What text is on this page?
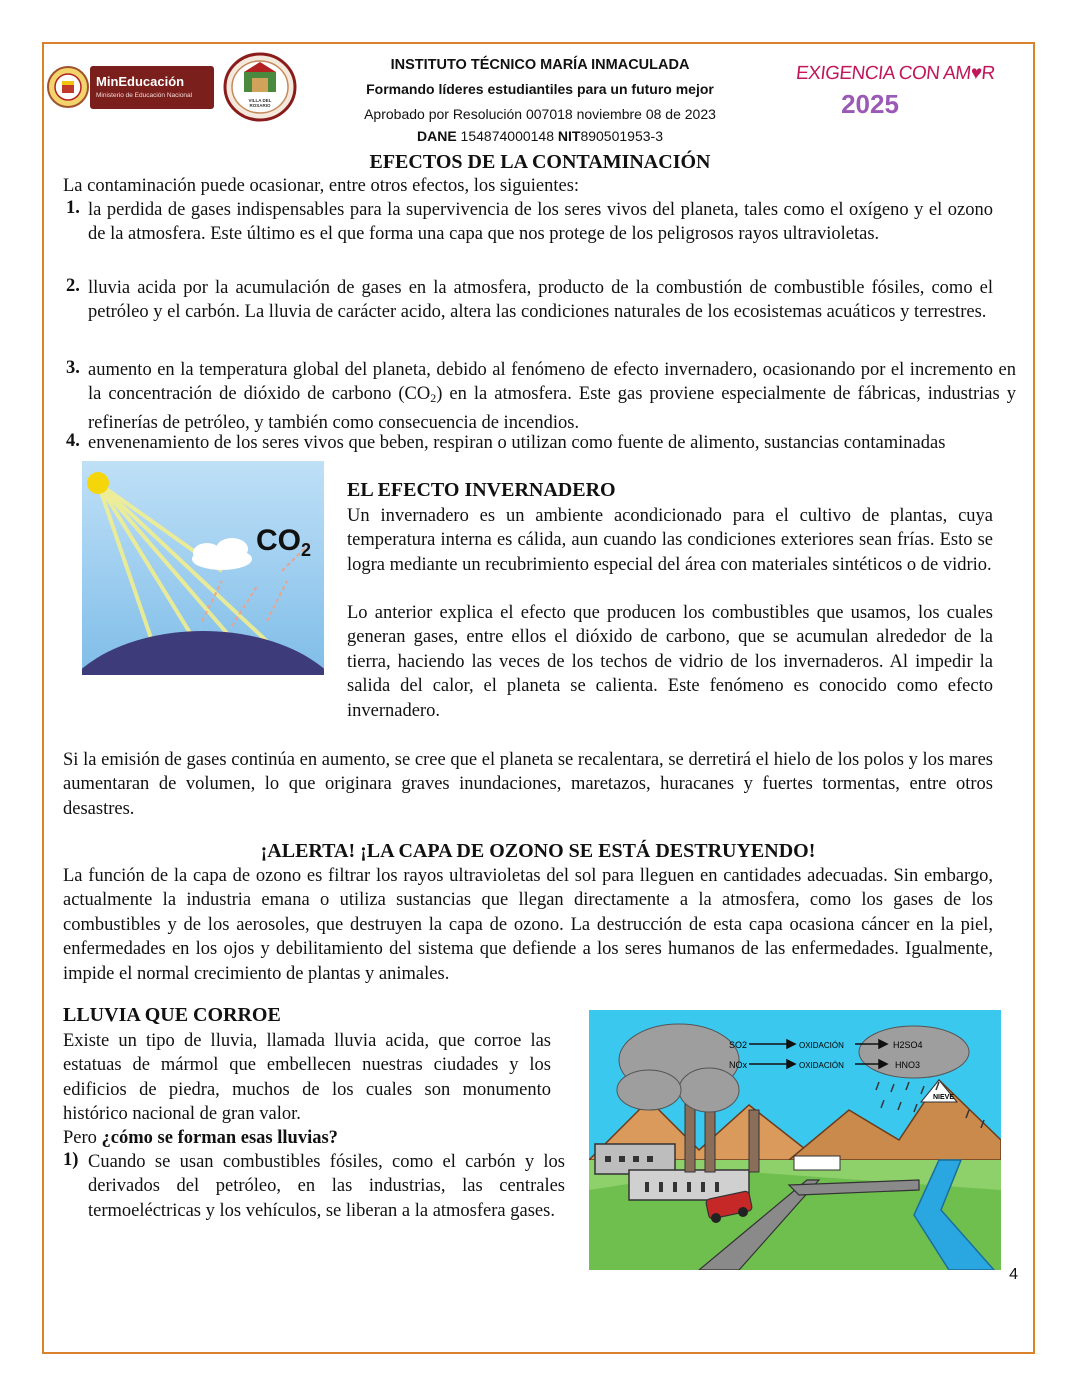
MinEducación
Ministerio de Educación Nacional
VILLA DEL ROSARIO
INSTITUTO TÉCNICO MARÍA INMACULADA
Formando líderes estudiantiles para un futuro mejor
Aprobado por Resolución 007018 noviembre 08 de 2023
DANE 154874000148 NIT890501953-3
EXIGENCIA CON AM♥R
2025
EFECTOS DE LA CONTAMINACIÓN
La contaminación puede ocasionar, entre otros efectos, los siguientes:
1. la perdida de gases indispensables para la supervivencia de los seres vivos del planeta, tales como el oxígeno y el ozono de la atmosfera. Este último es el que forma una capa que nos protege de los peligrosos rayos ultravioletas.
2. lluvia acida por la acumulación de gases en la atmosfera, producto de la combustión de combustible fósiles, como el petróleo y el carbón. La lluvia de carácter acido, altera las condiciones naturales de los ecosistemas acuáticos y terrestres.
3. aumento en la temperatura global del planeta, debido al fenómeno de efecto invernadero, ocasionando por el incremento en la concentración de dióxido de carbono $(CO_2)$ en la atmosfera. Este gas proviene especialmente de fábricas, industrias y refinerías de petróleo, y también como consecuencia de incendios.
4. envenenamiento de los seres vivos que beben, respiran o utilizan como fuente de alimento, sustancias contaminadas
$CO_2$
EL EFECTO INVERNADERO
Un invernadero es un ambiente acondicionado para el cultivo de plantas, cuya temperatura interna es cálida, aun cuando las condiciones exteriores sean frías. Esto se logra mediante un recubrimiento especial del área con materiales sintéticos o de vidrio.
Lo anterior explica el efecto que producen los combustibles que usamos, los cuales generan gases, entre ellos el dióxido de carbono, que se acumulan alrededor de la tierra, haciendo las veces de los techos de vidrio de los invernaderos. Al impedir la salida del calor, el planeta se calienta. Este fenómeno es conocido como efecto invernadero.
Si la emisión de gases continúa en aumento, se cree que el planeta se recalentara, se derretirá el hielo de los polos y los mares aumentaran de volumen, lo que originara graves inundaciones, maretazos, huracanes y fuertes tormentas, entre otros desastres.
¡ALERTA! ¡LA CAPA DE OZONO SE ESTÁ DESTRUYENDO!
La función de la capa de ozono es filtrar los rayos ultravioletas del sol para lleguen en cantidades adecuadas. Sin embargo, actualmente la industria emana o utiliza sustancias que llegan directamente a la atmosfera, como los gases de los combustibles y de los aerosoles, que destruyen la capa de ozono. La destrucción de esta capa ocasiona cáncer en la piel, enfermedades en los ojos y debilitamiento del sistema que defiende a los seres humanos de las enfermedades. Igualmente, impide el normal crecimiento de plantas y animales.
LLUVIA QUE CORROE
Existe un tipo de lluvia, llamada lluvia acida, que corroe las estatuas de mármol que embellecen nuestras ciudades y los edificios de piedra, muchos de los cuales son monumento histórico nacional de gran valor.
Pero ¿cómo se forman esas lluvias?
1) Cuando se usan combustibles fósiles, como el carbón y los derivados del petróleo, en las industrias, las centrales termoeléctricas y los vehículos, se liberan a la atmosfera gases.
SO2
NOx
OXIDACIÓN
OXIDACIÓN
H2SO4
HNO3
NIEVE
4
